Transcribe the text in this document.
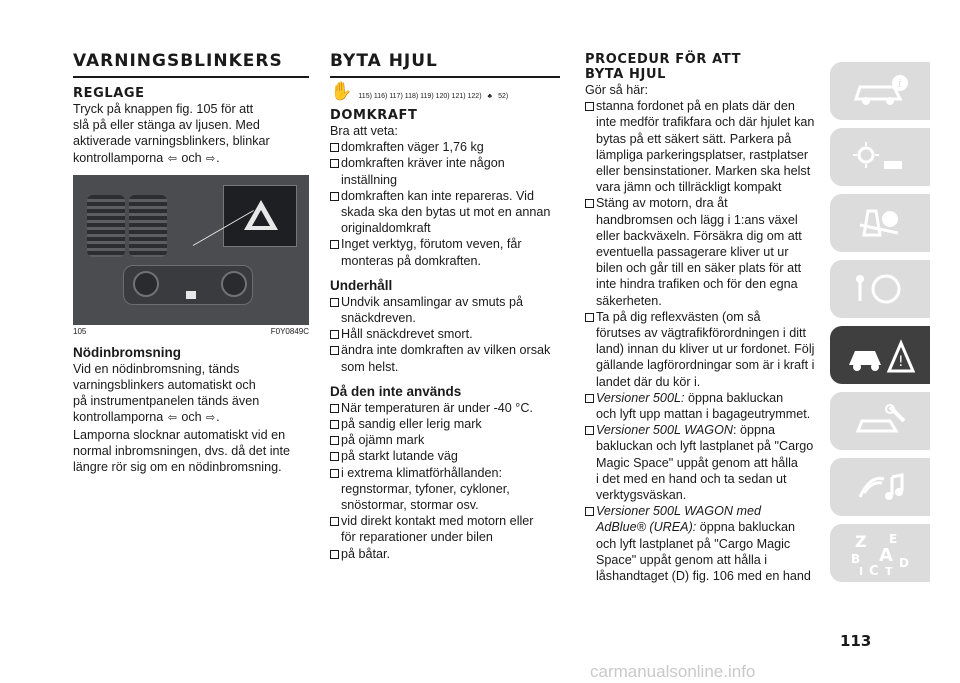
VARNINGSBLINKERS
REGLAGE

Tryck på knappen fig. 105 för att

slå på eller stänga av ljusen. Med

aktiverade varningsblinkers, blinkar

kontrollamporna ⇦ och ⇨.

105	F0Y0849C
Nödinbromsning

Vid en nödinbromsning, tänds

varningsblinkers automatiskt och

på instrumentpanelen tänds även

kontrollamporna ⇦ och ⇨.

Lamporna slocknar automatiskt vid en

normal inbromsningen, dvs. då det inte

längre rör sig om en nödinbromsning.

BYTA HJUL
✋ 115) 116) 117) 118) 119) 120) 121) 122) ♣ 52)
DOMKRAFT

Bra att veta:

domkraften väger 1,76 kg
domkraften kräver inte någon
inställning
domkraften kan inte repareras. Vid
skada ska den bytas ut mot en annan
originaldomkraft
Inget verktyg, förutom veven, får
monteras på domkraften.
Underhåll
Undvik ansamlingar av smuts på
snäckdreven.
Håll snäckdrevet smort.
ändra inte domkraften av vilken orsak
som helst.
Då den inte används
När temperaturen är under -40 °C.
på sandig eller lerig mark
på ojämn mark
på starkt lutande väg
i extrema klimatförhållanden:
regnstormar, tyfoner, cykloner,
snöstormar, stormar osv.
vid direkt kontakt med motorn eller
för reparationer under bilen
på båtar.
PROCEDUR FÖR ATT
BYTA HJUL

Gör så här:

stanna fordonet på en plats där den
inte medför trafikfara och där hjulet kan
bytas på ett säkert sätt. Parkera på
lämpliga parkeringsplatser, rastplatser
eller bensinstationer. Marken ska helst
vara jämn och tillräckligt kompakt
Stäng av motorn, dra åt
handbromsen och lägg i 1:ans växel
eller backväxeln. Försäkra dig om att
eventuella passagerare kliver ut ur
bilen och går till en säker plats för att
inte hindra trafiken och för den egna
säkerheten.
Ta på dig reflexvästen (om så
förutses av vägtrafikförordningen i ditt
land) innan du kliver ut ur fordonet. Följ
gällande lagförordningar som är i kraft i
landet där du kör i.
Versioner 500L: öppna bakluckan
och lyft upp mattan i bagageutrymmet.
Versioner 500L WAGON: öppna
bakluckan och lyft lastplanet på "Cargo
Magic Space" uppåt genom att hålla
i det med en hand och ta sedan ut
verktygsväskan.
Versioner 500L WAGON med
AdBlue® (UREA): öppna bakluckan
och lyft lastplanet på "Cargo Magic
Space" uppåt genom att hålla i
låshandtaget (D) fig. 106 med en hand
i
!
Z E
B A
I C
D
T
113
carmanualsonline.info
